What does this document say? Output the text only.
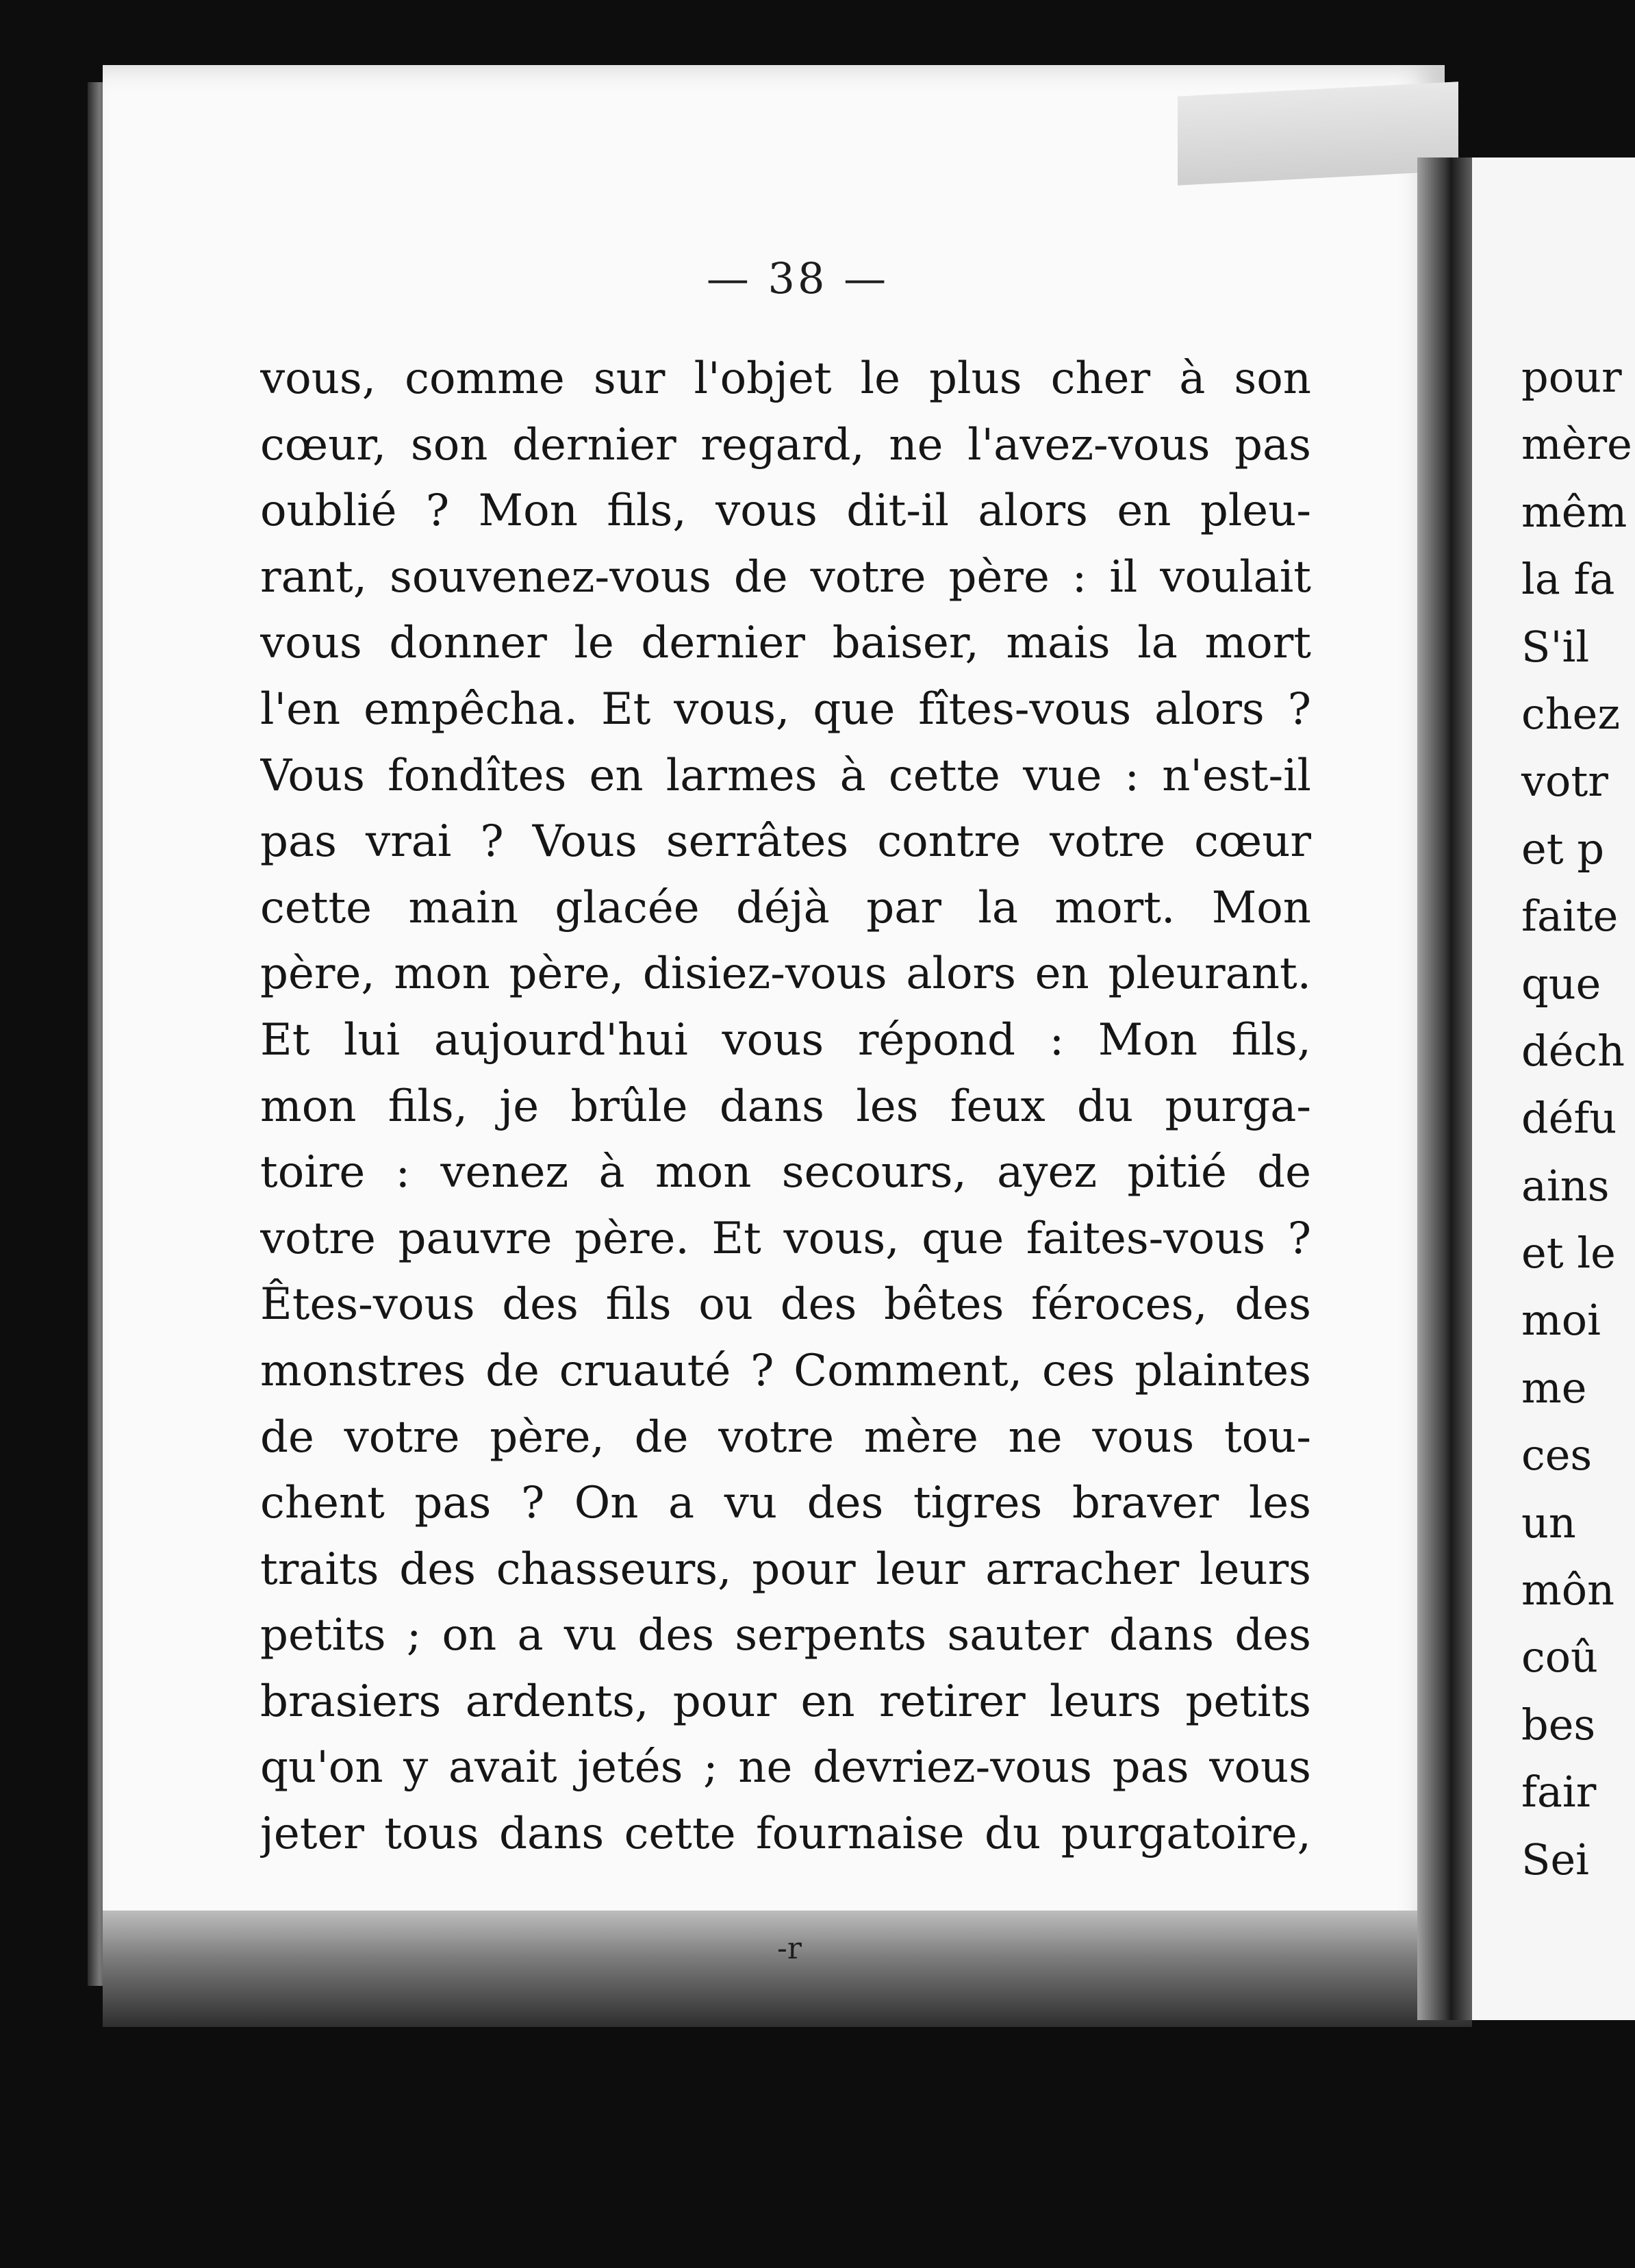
pour
mère
mêm
la fa
S'il
chez
votr
et p
faite
que
déch
défu
ains
et le
moi
me
ces
un
môn
coû
bes
fair
Sei
— 38 —
vous, comme sur l'objet le plus cher à son
cœur, son dernier regard, ne l'avez-vous pas
oublié ? Mon fils, vous dit-il alors en pleu-
rant, souvenez-vous de votre père : il voulait
vous donner le dernier baiser, mais la mort
l'en empêcha. Et vous, que fîtes-vous alors ?
Vous fondîtes en larmes à cette vue : n'est-il
pas vrai ? Vous serrâtes contre votre cœur
cette main glacée déjà par la mort. Mon
père, mon père, disiez-vous alors en pleurant.
Et lui aujourd'hui vous répond : Mon fils,
mon fils, je brûle dans les feux du purga-
toire : venez à mon secours, ayez pitié de
votre pauvre père. Et vous, que faites-vous ?
Êtes-vous des fils ou des bêtes féroces, des
monstres de cruauté ? Comment, ces plaintes
de votre père, de votre mère ne vous tou-
chent pas ? On a vu des tigres braver les
traits des chasseurs, pour leur arracher leurs
petits ; on a vu des serpents sauter dans des
brasiers ardents, pour en retirer leurs petits
qu'on y avait jetés ; ne devriez-vous pas vous
jeter tous dans cette fournaise du purgatoire,
-r
